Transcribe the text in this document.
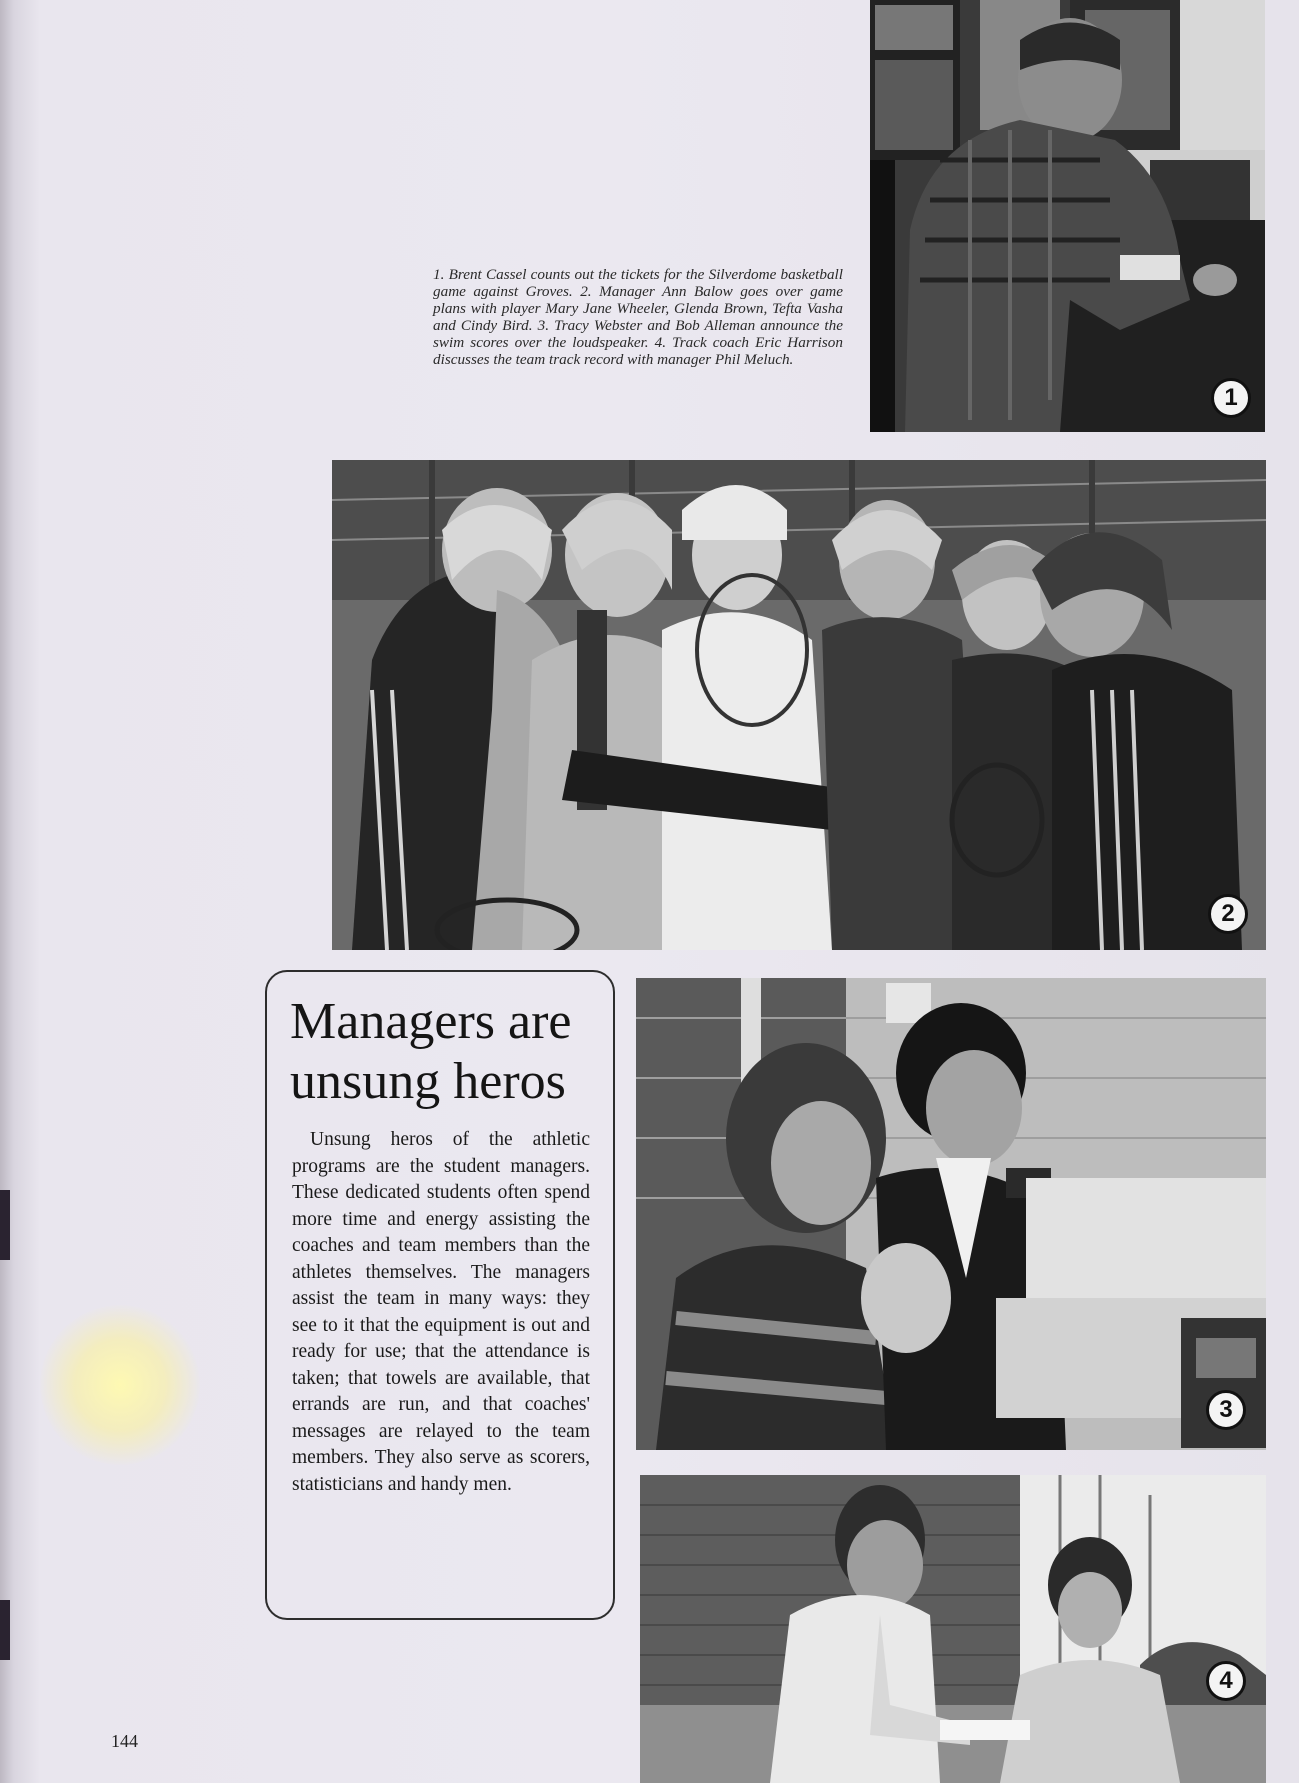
1
1. Brent Cassel counts out the tickets for the Silverdome basketball game against Groves. 2. Manager Ann Balow goes over game plans with player Mary Jane Wheeler, Glenda Brown, Tefta Vasha and Cindy Bird. 3. Tracy Webster and Bob Alleman announce the swim scores over the loudspeaker. 4. Track coach Eric Harrison discusses the team track record with manager Phil Meluch.
2
Managers are unsung heros
Unsung heros of the athletic programs are the student managers. These dedicated students often spend more time and energy assisting the coaches and team members than the athletes themselves. The managers assist the team in many ways: they see to it that the equipment is out and ready for use; that the attendance is taken; that towels are available, that errands are run, and that coaches' messages are relayed to the team members. They also serve as scorers, statisticians and handy men.
3
4
144
